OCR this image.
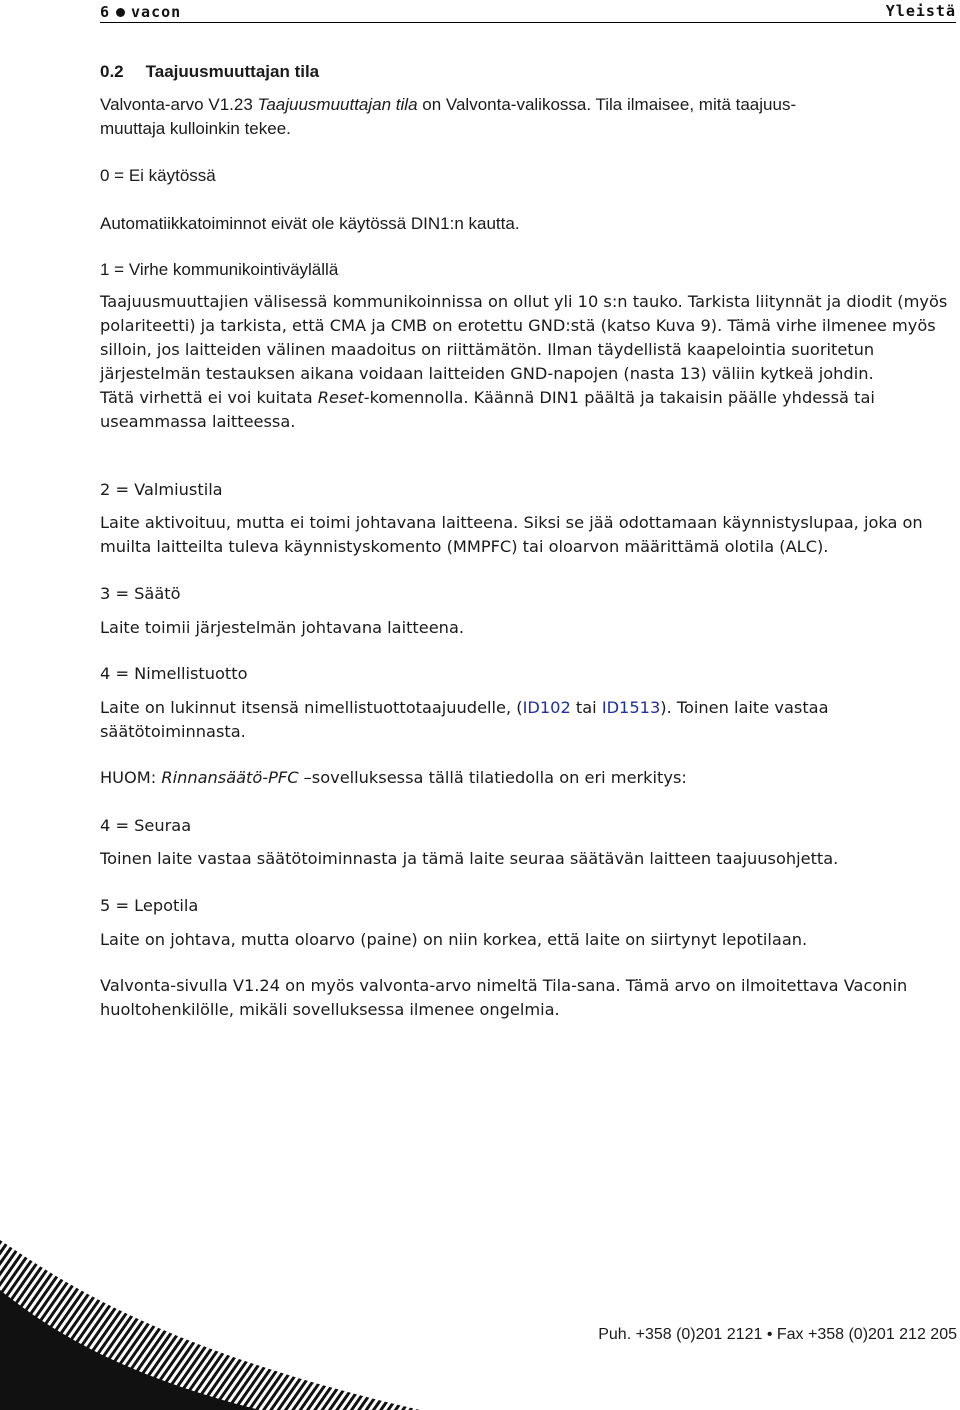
6 vacon	Yleistä
0.2 Taajuusmuuttajan tila

Valvonta-arvo V1.23 Taajuusmuuttajan tila on Valvonta-valikossa. Tila ilmaisee, mitä taajuus-
muuttaja kulloinkin tekee.

0 = Ei käytössä

Automatiikkatoiminnot eivät ole käytössä DIN1:n kautta.

1 = Virhe kommunikointiväylällä

Taajuusmuuttajien välisessä kommunikoinnissa on ollut yli 10 s:n tauko. Tarkista liitynnät ja diodit (myös polariteetti) ja tarkista, että CMA ja CMB on erotettu GND:stä (katso Kuva 9). Tämä virhe ilmenee myös silloin, jos laitteiden välinen maadoitus on riittämätön. Ilman täydellistä kaapelointia suoritetun järjestelmän testauksen aikana voidaan laitteiden GND-napojen (nasta 13) väliin kytkeä johdin.
Tätä virhettä ei voi kuitata Reset-komennolla. Käännä DIN1 päältä ja takaisin päälle yhdessä tai useammassa laitteessa.

2 = Valmiustila

Laite aktivoituu, mutta ei toimi johtavana laitteena. Siksi se jää odottamaan käynnistyslupaa, joka on muilta laitteilta tuleva käynnistyskomento (MMPFC) tai oloarvon määrittämä olotila (ALC).

3 = Säätö

Laite toimii järjestelmän johtavana laitteena.

4 = Nimellistuotto

Laite on lukinnut itsensä nimellistuottotaajuudelle, (ID102 tai ID1513). Toinen laite vastaa säätötoiminnasta.

HUOM: Rinnansäätö-PFC –sovelluksessa tällä tilatiedolla on eri merkitys:

4 = Seuraa

Toinen laite vastaa säätötoiminnasta ja tämä laite seuraa säätävän laitteen taajuusohjetta.

5 = Lepotila

Laite on johtava, mutta oloarvo (paine) on niin korkea, että laite on siirtynyt lepotilaan.

Valvonta-sivulla V1.24 on myös valvonta-arvo nimeltä Tila-sana. Tämä arvo on ilmoitettava Vaconin huoltohenkilölle, mikäli sovelluksessa ilmenee ongelmia.

Puh. +358 (0)201 2121 • Fax +358 (0)201 212 205
